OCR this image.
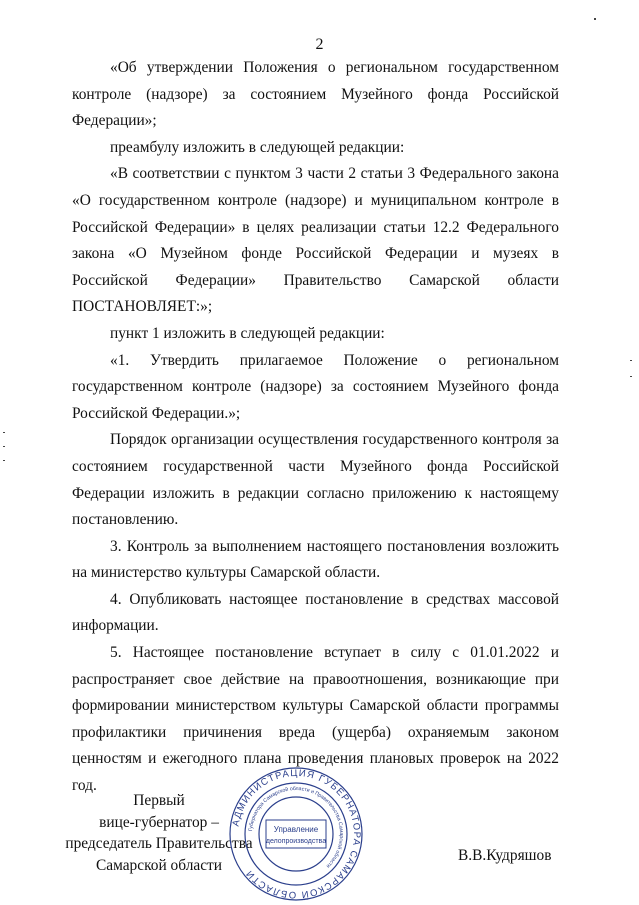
2

«Об утверждении Положения о региональном государственном контроле (надзоре) за состоянием Музейного фонда Российской Федерации»;

преамбулу изложить в следующей редакции:

«В соответствии с пунктом 3 части 2 статьи 3 Федерального закона «О государственном контроле (надзоре) и муниципальном контроле в Российской Федерации» в целях реализации статьи 12.2 Федерального закона «О Музейном фонде Российской Федерации и музеях в Российской Федерации» Правительство Самарской области ПОСТАНОВЛЯЕТ:»;

пункт 1 изложить в следующей редакции:

«1. Утвердить прилагаемое Положение о региональном государственном контроле (надзоре) за состоянием Музейного фонда Российской Федерации.»;

Порядок организации осуществления государственного контроля за состоянием государственной части Музейного фонда Российской Федерации изложить в редакции согласно приложению к настоящему постановлению.

3. Контроль за выполнением настоящего постановления возложить на министерство культуры Самарской области.

4. Опубликовать настоящее постановление в средствах массовой информации.

5. Настоящее постановление вступает в силу с 01.01.2022 и распространяет свое действие на правоотношения, возникающие при формировании министерством культуры Самарской области программы профилактики причинения вреда (ущерба) охраняемым законом ценностям и ежегодного плана проведения плановых проверок на 2022 год.

Первый
вице-губернатор –
председатель Правительства
Самарской области
В.В.Кудряшов
АДМИНИСТРАЦИЯ ГУБЕРНАТОРА САМАРСКОЙ ОБЛАСТИ
Губернатора Самарской области и Правительства Самарской области
Управление
делопроизводства
